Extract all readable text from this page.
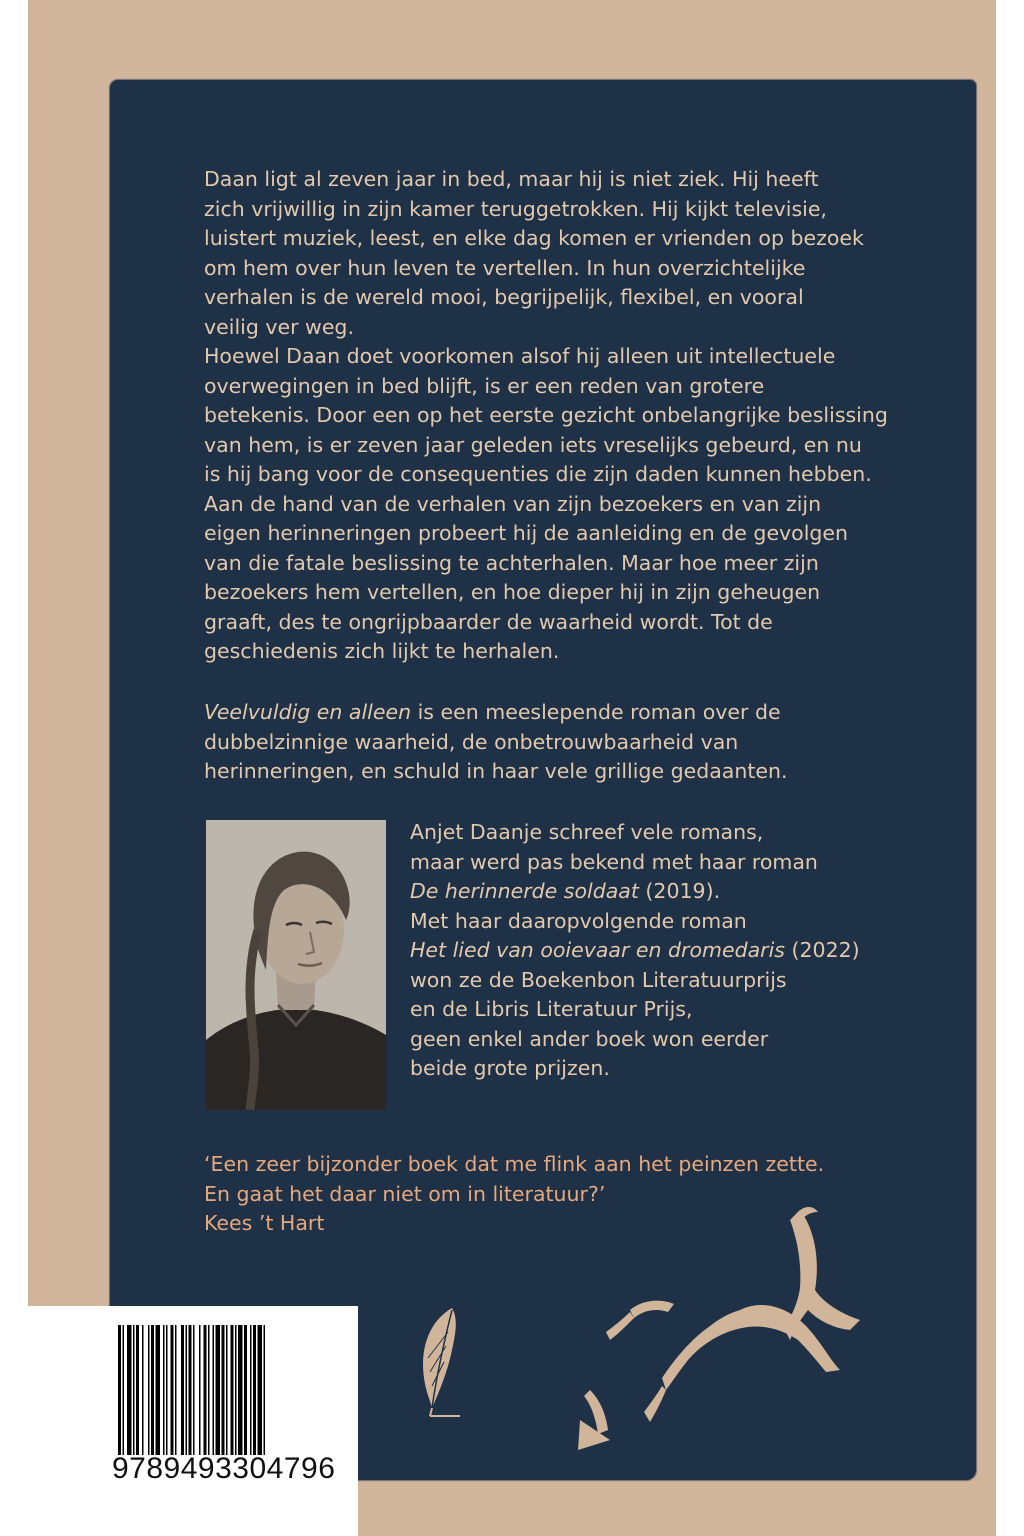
Daan ligt al zeven jaar in bed, maar hij is niet ziek. Hij heeft

zich vrijwillig in zijn kamer teruggetrokken. Hij kijkt televisie,

luistert muziek, leest, en elke dag komen er vrienden op bezoek

om hem over hun leven te vertellen. In hun overzichtelijke

verhalen is de wereld mooi, begrijpelijk, flexibel, en vooral

veilig ver weg.

Hoewel Daan doet voorkomen alsof hij alleen uit intellectuele

overwegingen in bed blijft, is er een reden van grotere

betekenis. Door een op het eerste gezicht onbelangrijke beslissing

van hem, is er zeven jaar geleden iets vreselijks gebeurd, en nu

is hij bang voor de consequenties die zijn daden kunnen hebben.

Aan de hand van de verhalen van zijn bezoekers en van zijn

eigen herinneringen probeert hij de aanleiding en de gevolgen

van die fatale beslissing te achterhalen. Maar hoe meer zijn

bezoekers hem vertellen, en hoe dieper hij in zijn geheugen

graaft, des te ongrijpbaarder de waarheid wordt. Tot de

geschiedenis zich lijkt te herhalen.

Veelvuldig en alleen is een meeslepende roman over de

dubbelzinnige waarheid, de onbetrouwbaarheid van

herinneringen, en schuld in haar vele grillige gedaanten.

Anjet Daanje schreef vele romans,
maar werd pas bekend met haar roman
De herinnerde soldaat (2019).
Met haar daaropvolgende roman
Het lied van ooievaar en dromedaris (2022)
won ze de Boekenbon Literatuurprijs
en de Libris Literatuur Prijs,
geen enkel ander boek won eerder
beide grote prijzen.
‘Een zeer bijzonder boek dat me flink aan het peinzen zette.
En gaat het daar niet om in literatuur?’
Kees ’t Hart
9789493304796
